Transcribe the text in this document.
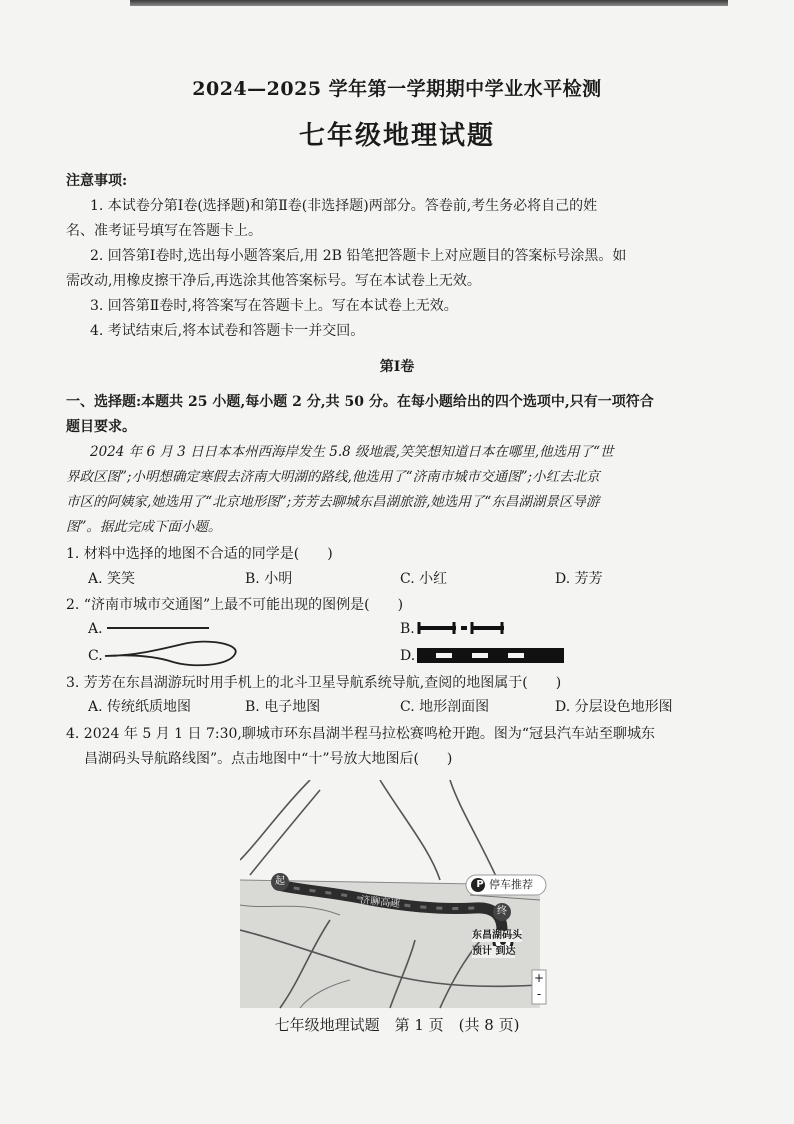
2024—2025 学年第一学期期中学业水平检测
七年级地理试题
注意事项:
1. 本试卷分第Ⅰ卷(选择题)和第Ⅱ卷(非选择题)两部分。答卷前,考生务必将自己的姓
名、准考证号填写在答题卡上。
2. 回答第Ⅰ卷时,选出每小题答案后,用 2B 铅笔把答题卡上对应题目的答案标号涂黑。如
需改动,用橡皮擦干净后,再选涂其他答案标号。写在本试卷上无效。
3. 回答第Ⅱ卷时,将答案写在答题卡上。写在本试卷上无效。
4. 考试结束后,将本试卷和答题卡一并交回。
第Ⅰ卷
一、选择题:本题共 25 小题,每小题 2 分,共 50 分。在每小题给出的四个选项中,只有一项符合
题目要求。
2024 年 6 月 3 日日本本州西海岸发生 5.8 级地震,笑笑想知道日本在哪里,他选用了“世
界政区图”;小明想确定寒假去济南大明湖的路线,他选用了“济南市城市交通图”;小红去北京
市区的阿姨家,她选用了“北京地形图”;芳芳去聊城东昌湖旅游,她选用了“东昌湖湖景区导游
图”。据此完成下面小题。
1. 材料中选择的地图不合适的同学是(　　)
A. 笑笑	B. 小明	C. 小红	D. 芳芳
2. “济南市城市交通图”上最不可能出现的图例是(　　)
A.	B.
C.	D.
3. 芳芳在东昌湖游玩时用手机上的北斗卫星导航系统导航,查阅的地图属于(　　)
A. 传统纸质地图	B. 电子地图	C. 地形剖面图	D. 分层设色地形图
4. 2024 年 5 月 1 日 7:30,聊城市环东昌湖半程马拉松赛鸣枪开跑。图为“冠县汽车站至聊城东
昌湖码头导航路线图”。点击地图中“十”号放大地图后(　　)
P 停车推荐
起
终
济聊高速
东昌湖码头
预计 到达
+
-
七年级地理试题　第 1 页　(共 8 页)
